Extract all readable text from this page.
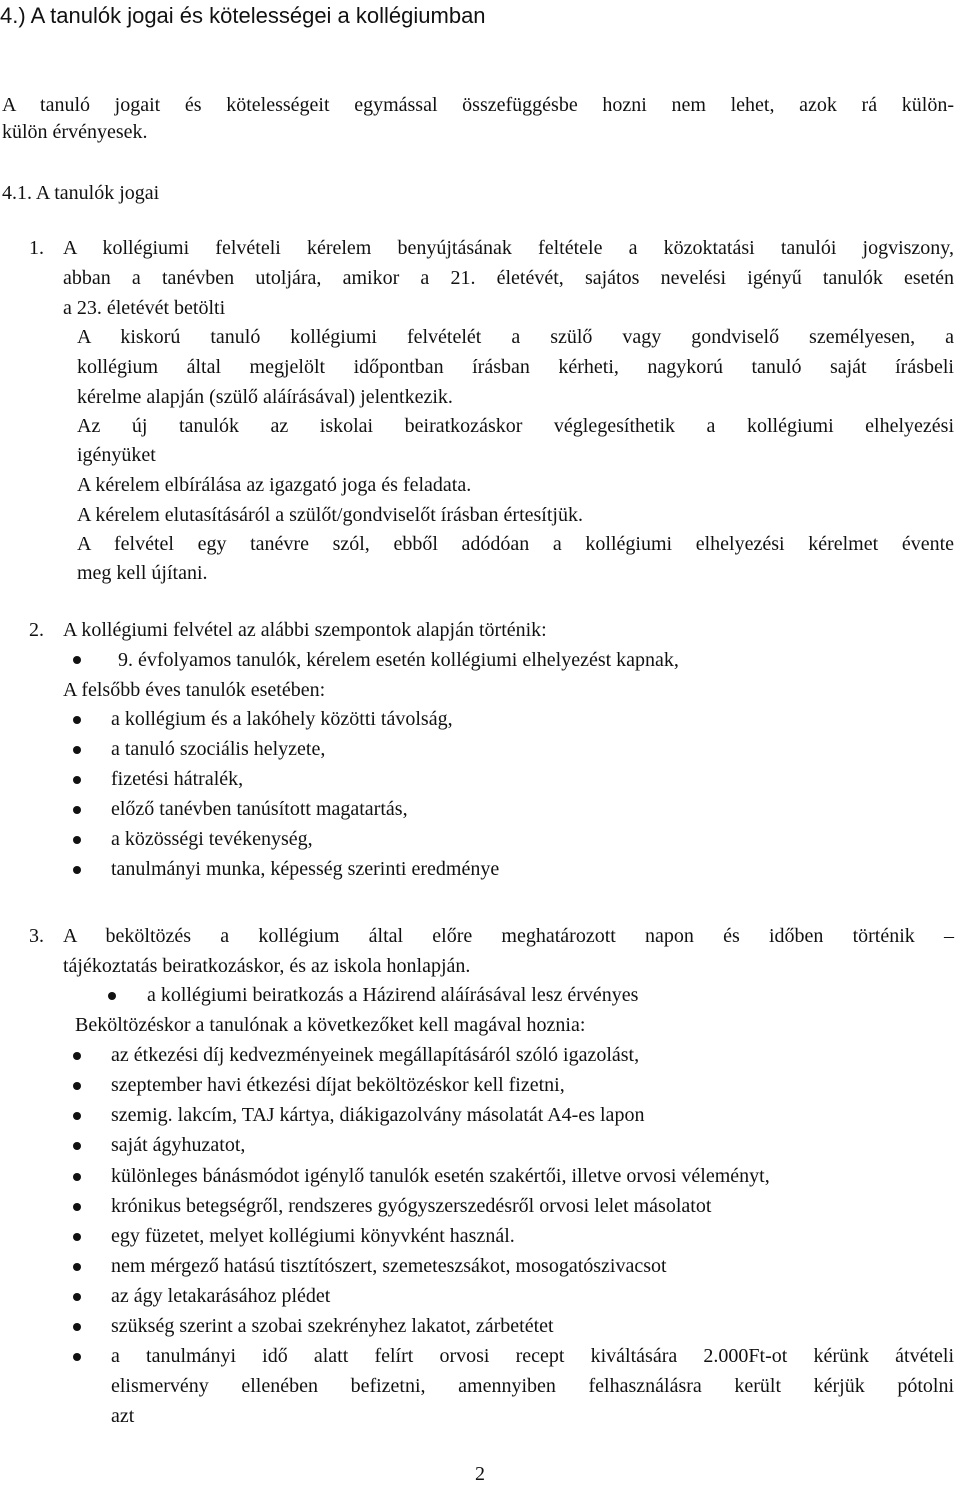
4.) A tanulók jogai és kötelességei a kollégiumban
A tanuló jogait és kötelességeit egymással összefüggésbe hozni nem lehet, azok rá külön-
külön érvényesek.
4.1. A tanulók jogai
1. A kollégiumi felvételi kérelem benyújtásának feltétele a közoktatási tanulói jogviszony,
abban a tanévben utoljára, amikor a 21. életévét, sajátos nevelési igényű tanulók esetén
a 23. életévét betölti
A kiskorú tanuló kollégiumi felvételét a szülő vagy gondviselő személyesen, a
kollégium által megjelölt időpontban írásban kérheti, nagykorú tanuló saját írásbeli
kérelme alapján (szülő aláírásával) jelentkezik.
Az új tanulók az iskolai beiratkozáskor véglegesíthetik a kollégiumi elhelyezési
igényüket
A kérelem elbírálása az igazgató joga és feladata.
A kérelem elutasításáról a szülőt/gondviselőt írásban értesítjük.
A felvétel egy tanévre szól, ebből adódóan a kollégiumi elhelyezési kérelmet évente
meg kell újítani.
2. A kollégiumi felvétel az alábbi szempontok alapján történik:
9. évfolyamos tanulók, kérelem esetén kollégiumi elhelyezést kapnak,
A felsőbb éves tanulók esetében:
a kollégium és a lakóhely közötti távolság,
a tanuló szociális helyzete,
fizetési hátralék,
előző tanévben tanúsított magatartás,
a közösségi tevékenység,
tanulmányi munka, képesség szerinti eredménye
3. A beköltözés a kollégium által előre meghatározott napon és időben történik –
tájékoztatás beiratkozáskor, és az iskola honlapján.
a kollégiumi beiratkozás a Házirend aláírásával lesz érvényes
Beköltözéskor a tanulónak a következőket kell magával hoznia:
az étkezési díj kedvezményeinek megállapításáról szóló igazolást,
szeptember havi étkezési díjat beköltözéskor kell fizetni,
szemig. lakcím, TAJ kártya, diákigazolvány másolatát A4-es lapon
saját ágyhuzatot,
különleges bánásmódot igénylő tanulók esetén szakértői, illetve orvosi véleményt,
krónikus betegségről, rendszeres gyógyszerszedésről orvosi lelet másolatot
egy füzetet, melyet kollégiumi könyvként használ.
nem mérgező hatású tisztítószert, szemeteszsákot, mosogatószivacsot
az ágy letakarásához plédet
szükség szerint a szobai szekrényhez lakatot, zárbetétet
a tanulmányi idő alatt felírt orvosi recept kiváltására 2.000Ft-ot kérünk átvételi
elismervény ellenében befizetni, amennyiben felhasználásra került kérjük pótolni
azt
2
